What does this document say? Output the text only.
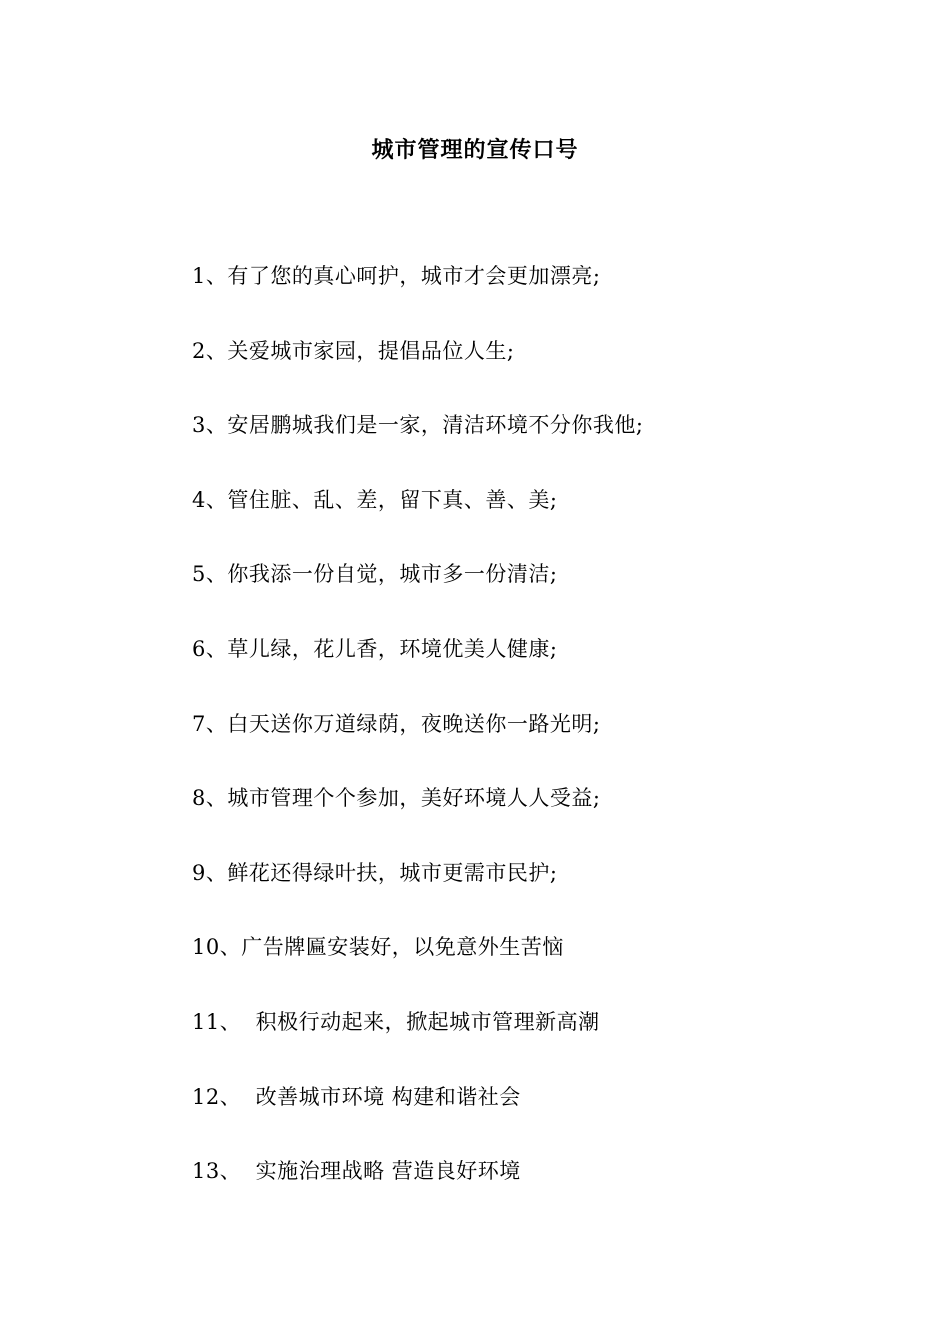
城市管理的宣传口号
1、有了您的真心呵护，城市才会更加漂亮;
2、关爱城市家园，提倡品位人生;
3、安居鹏城我们是一家，清洁环境不分你我他;
4、管住脏、乱、差，留下真、善、美;
5、你我添一份自觉，城市多一份清洁;
6、草儿绿，花儿香，环境优美人健康;
7、白天送你万道绿荫，夜晚送你一路光明;
8、城市管理个个参加，美好环境人人受益;
9、鲜花还得绿叶扶，城市更需市民护;
10、广告牌匾安装好，以免意外生苦恼
11、  积极行动起来，掀起城市管理新高潮
12、  改善城市环境 构建和谐社会
13、  实施治理战略 营造良好环境
